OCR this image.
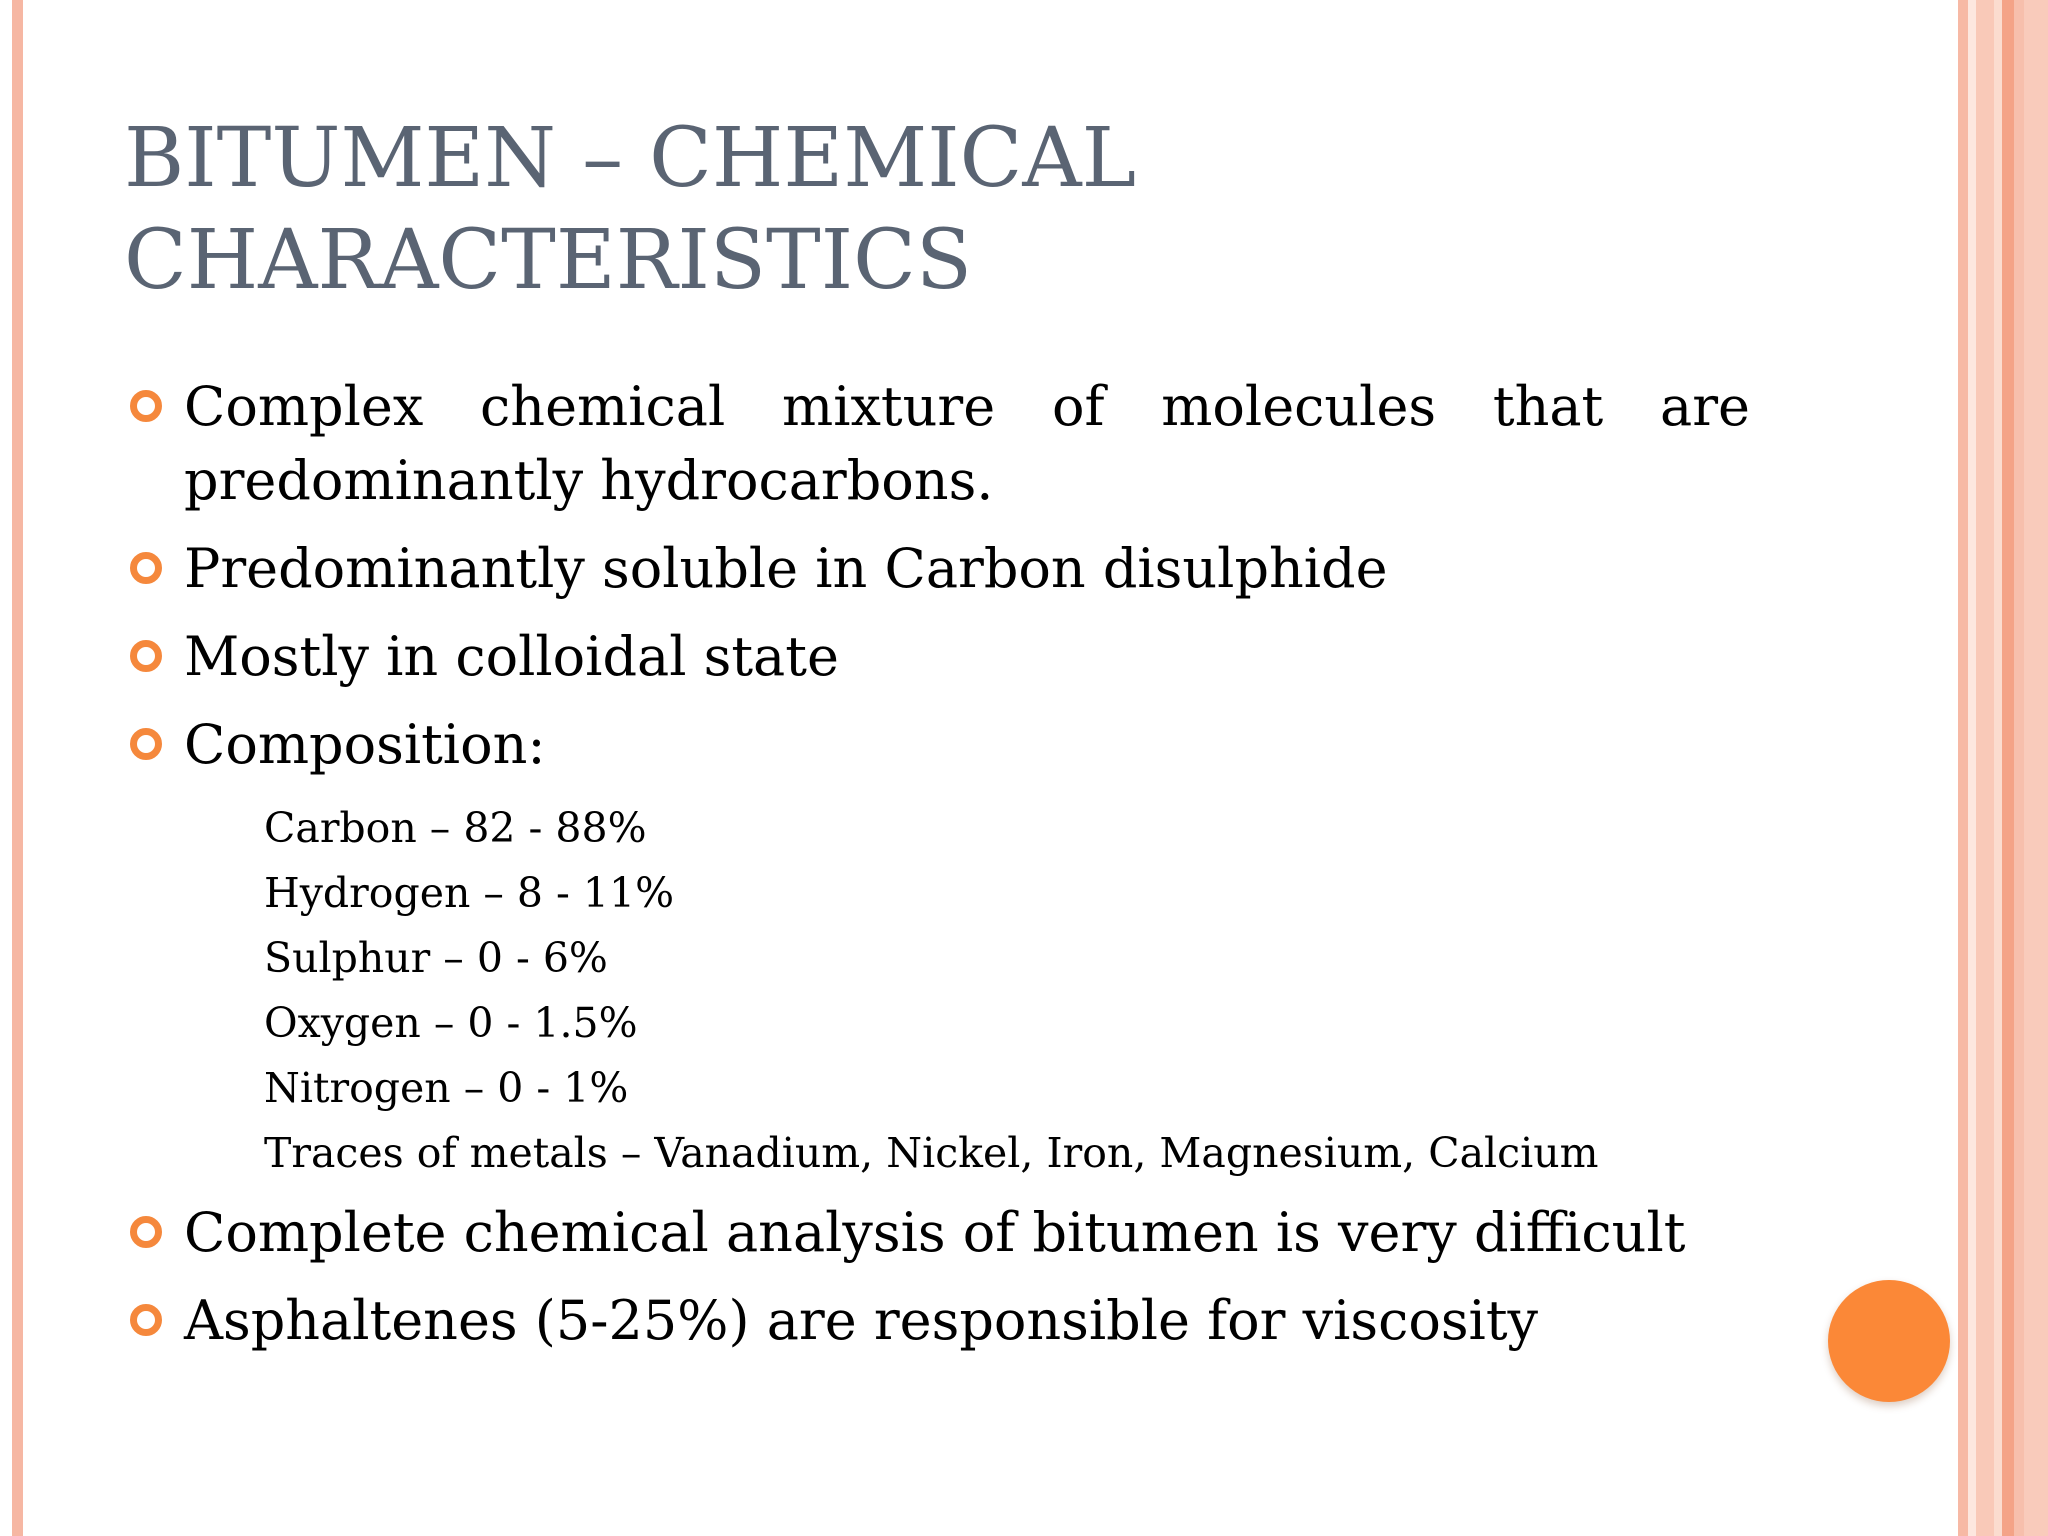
BITUMEN – CHEMICAL
CHARACTERISTICS
Complex chemical mixture of molecules that are predominantly hydrocarbons.
Predominantly soluble in Carbon disulphide
Mostly in colloidal state
Composition:
Carbon – 82 - 88%
Hydrogen – 8 - 11%
Sulphur – 0 - 6%
Oxygen – 0 - 1.5%
Nitrogen – 0 - 1%
Traces of metals – Vanadium, Nickel, Iron, Magnesium, Calcium
Complete chemical analysis of bitumen is very difficult
Asphaltenes (5-25%) are responsible for viscosity
